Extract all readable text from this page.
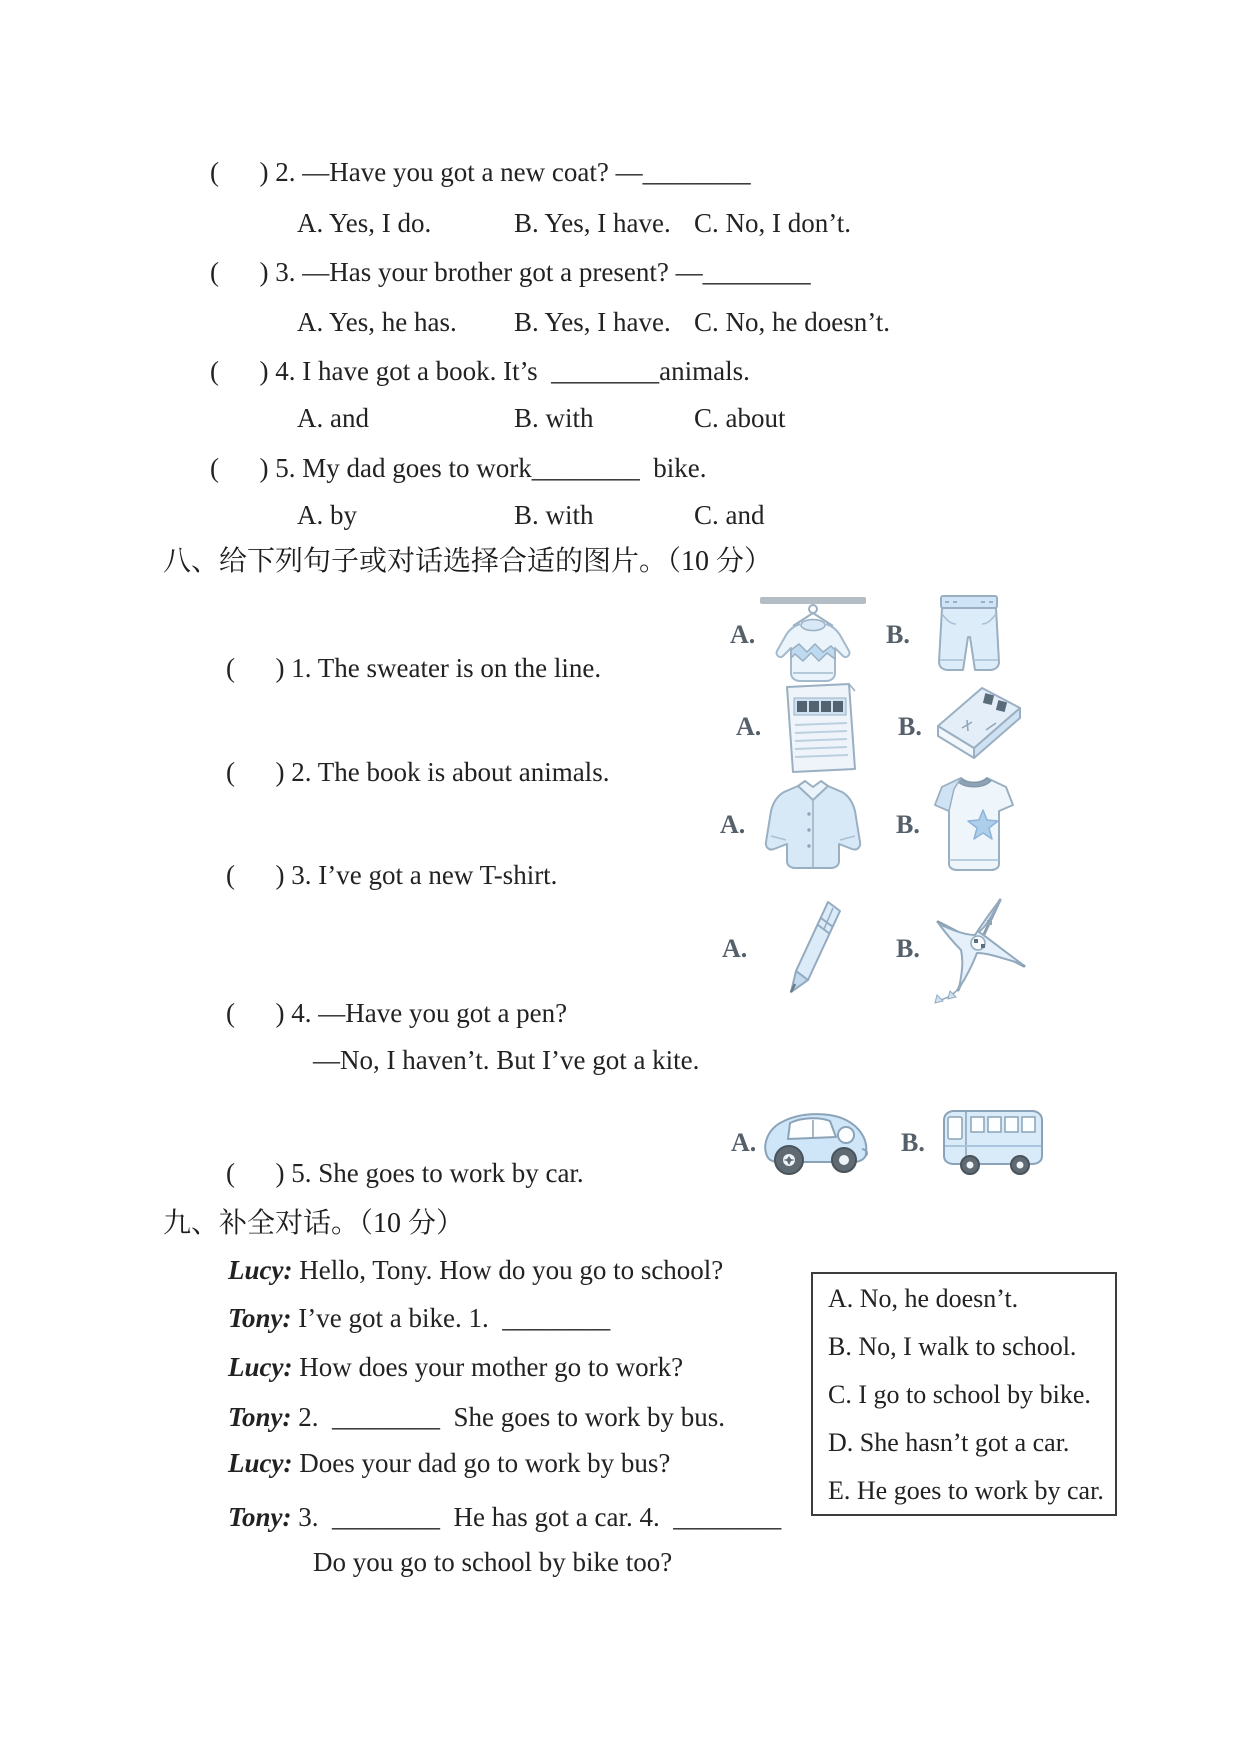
(      ) 2. —Have you got a new coat? —________
A. Yes, I do.	B. Yes, I have. C. No, I don’t.
(      ) 3. —Has your brother got a present? —________
A. Yes, he has. B. Yes, I have. C. No, he doesn’t.
(      ) 4. I have got a book. It’s  ________animals.
A. and	B. with	C. about
(      ) 5. My dad goes to work________  bike.
A. by	B. with	C. and
八、给下列句子或对话选择合适的图片。（10 分）
(      ) 1. The sweater is on the line.
(      ) 2. The book is about animals.
(      ) 3. I’ve got a new T-shirt.
(      ) 4. —Have you got a pen?
—No, I haven’t. But I’ve got a kite.
(      ) 5. She goes to work by car.
A.	B.
A.	B.
A.	B.
A.	B.
A.	B.
九、补全对话。（10 分）
Lucy: Hello, Tony. How do you go to school?
Tony: I’ve got a bike. 1.  ________
Lucy: How does your mother go to work?
Tony: 2.  ________  She goes to work by bus.
Lucy: Does your dad go to work by bus?
Tony: 3.  ________  He has got a car. 4.  ________
Do you go to school by bike too?
A. No, he doesn’t.
B. No, I walk to school.
C. I go to school by bike.
D. She hasn’t got a car.
E. He goes to work by car.
